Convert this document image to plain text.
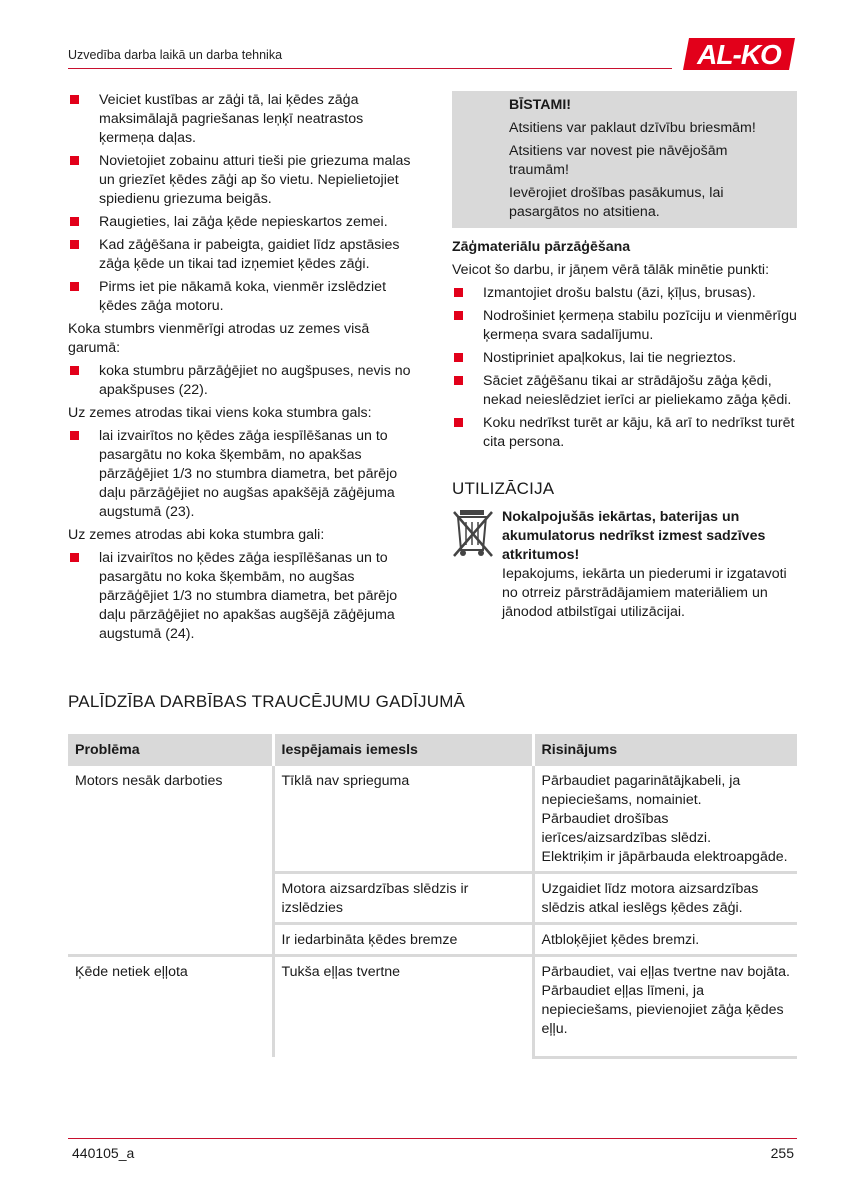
Uzvedība darba laikā un darba tehnika	AL-KO
Veiciet kustības ar zāģi tā, lai ķēdes zāģa maksimālajā pagriešanas leņķī neatrastos ķermeņa daļas.
Novietojiet zobainu atturi tieši pie griezuma malas un griezīet ķēdes zāģi ap šo vietu. Nepielietojiet spiedienu griezuma beigās.
Raugieties, lai zāģa ķēde nepieskartos zemei.
Kad zāģēšana ir pabeigta, gaidiet līdz apstāsies zāģa ķēde un tikai tad izņemiet ķēdes zāģi.
Pirms iet pie nākamā koka, vienmēr izslēdziet ķēdes zāģa motoru.

Koka stumbrs vienmērīgi atrodas uz zemes visā garumā:

koka stumbru pārzāģējiet no augšpuses, nevis no apakšpuses (22).

Uz zemes atrodas tikai viens koka stumbra gals:

lai izvairītos no ķēdes zāģa iespīlēšanas un to pasargātu no koka šķembām, no apakšas pārzāģējiet 1/3 no stumbra diametra, bet pārējo daļu pārzāģējiet no augšas apakšējā zāģējuma augstumā (23).

Uz zemes atrodas abi koka stumbra gali:

lai izvairītos no ķēdes zāģa iespīlēšanas un to pasargātu no koka šķembām, no augšas pārzāģējiet 1/3 no stumbra diametra, bet pārējo daļu pārzāģējiet no apakšas augšējā zāģējuma augstumā (24).
BĪSTAMI!
Atsitiens var paklaut dzīvību briesmām!
Atsitiens var novest pie nāvējošām traumām!
Ievērojiet drošības pasākumus, lai pasargātos no atsitiena.

Zāģmateriālu pārzāģēšana

Veicot šo darbu, ir jāņem vērā tālāk minētie punkti:

Izmantojiet drošu balstu (āzi, ķīļus, brusas).
Nodrošiniet ķermeņa stabilu pozīciju и vienmērīgu ķermeņa svara sadalījumu.
Nostipriniet apaļkokus, lai tie negrieztos.
Sāciet zāģēšanu tikai ar strādājošu zāģa ķēdi, nekad neieslēdziet ierīci ar pieliekamo zāģa ķēdi.
Koku nedrīkst turēt ar kāju, kā arī to nedrīkst turēt cita persona.
UTILIZĀCIJA
Nokalpojušās iekārtas, baterijas un akumulatorus nedrīkst izmest sadzīves atkritumos!
Iepakojums, iekārta un piederumi ir izgatavoti no otrreiz pārstrādājamiem materiāliem un jānodod atbilstīgai utilizācijai.
PALĪDZĪBA DARBĪBAS TRAUCĒJUMU GADĪJUMĀ
Problēma	Iespējamais iemesls	Risinājums
Motors nesāk darboties	Tīklā nav sprieguma	Pārbaudiet pagarinātājkabeli, ja nepieciešams, nomainiet.
Pārbaudiet drošības ierīces/aizsardzības slēdzi.
Elektriķim ir jāpārbauda elektroapgāde.
	Motora aizsardzības slēdzis ir izslēdzies	Uzgaidiet līdz motora aizsardzības slēdzis atkal ieslēgs ķēdes zāģi.
	Ir iedarbināta ķēdes bremze	Atbloķējiet ķēdes bremzi.
Ķēde netiek eļļota	Tukša eļļas tvertne	Pārbaudiet, vai eļļas tvertne nav bojāta.
Pārbaudiet eļļas līmeni, ja nepieciešams, pievienojiet zāģa ķēdes eļļu.
440105_a	255
